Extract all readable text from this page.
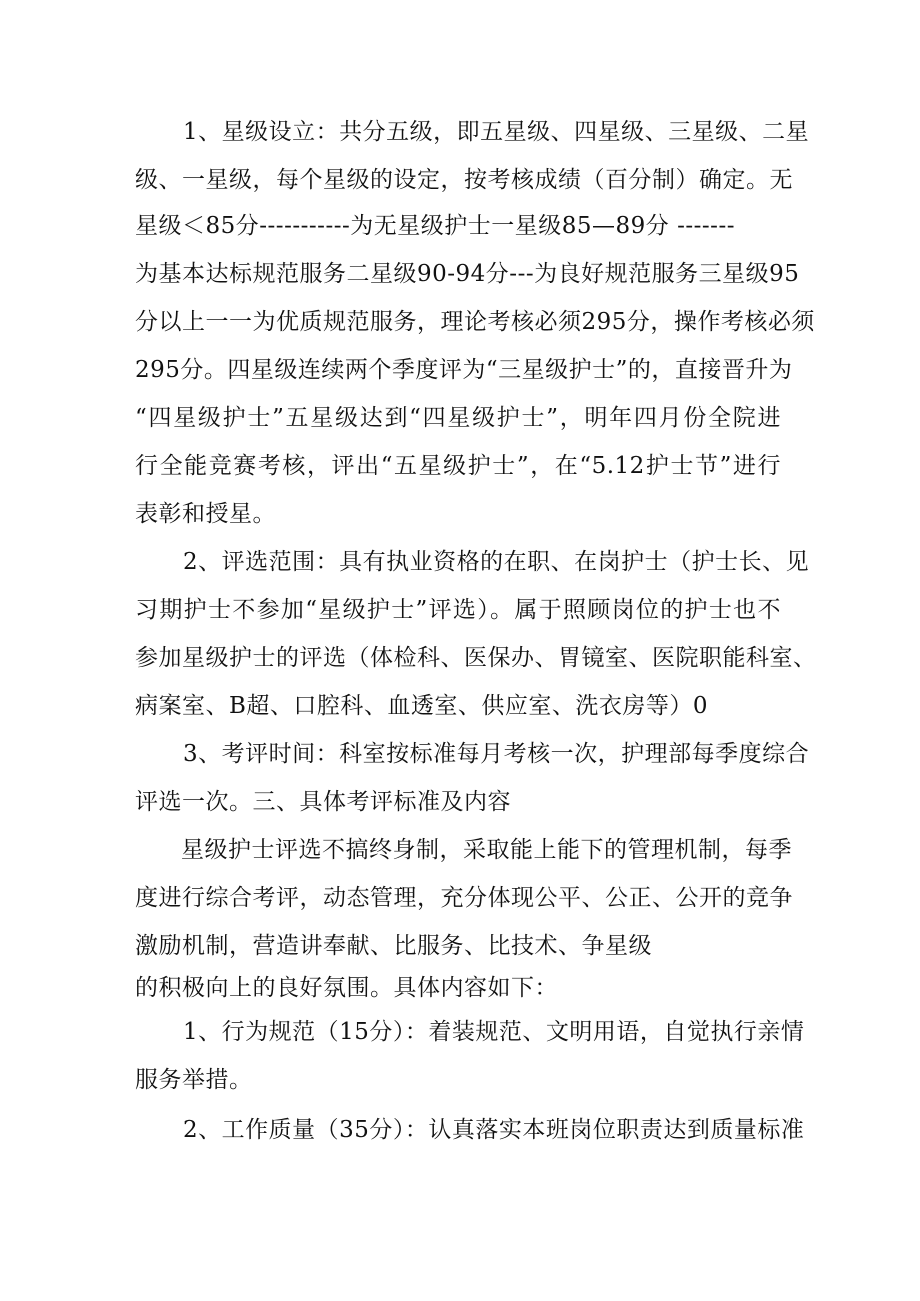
1、星级设立：共分五级，即五星级、四星级、三星级、二星

级、一星级，每个星级的设定，按考核成绩（百分制）确定。无

星级＜85分-----------为无星级护士一星级85—89分 -------

为基本达标规范服务二星级90-94分---为良好规范服务三星级95

分以上一一为优质规范服务，理论考核必须295分，操作考核必须

295分。四星级连续两个季度评为“三星级护士”的，直接晋升为

“四星级护士”五星级达到“四星级护士”，明年四月份全院进

行全能竞赛考核，评出“五星级护士”，在“5.12护士节”进行

表彰和授星。

2、评选范围：具有执业资格的在职、在岗护士（护士长、见

习期护士不参加“星级护士”评选）。属于照顾岗位的护士也不

参加星级护士的评选（体检科、医保办、胃镜室、医院职能科室、

病案室、B超、口腔科、血透室、供应室、洗衣房等）0

3、考评时间：科室按标准每月考核一次，护理部每季度综合

评选一次。三、具体考评标准及内容

星级护士评选不搞终身制，采取能上能下的管理机制，每季

度进行综合考评，动态管理，充分体现公平、公正、公开的竞争

激励机制，营造讲奉献、比服务、比技术、争星级

的积极向上的良好氛围。具体内容如下：

1、行为规范（15分）：着装规范、文明用语，自觉执行亲情

服务举措。

2、工作质量（35分）：认真落实本班岗位职责达到质量标准
